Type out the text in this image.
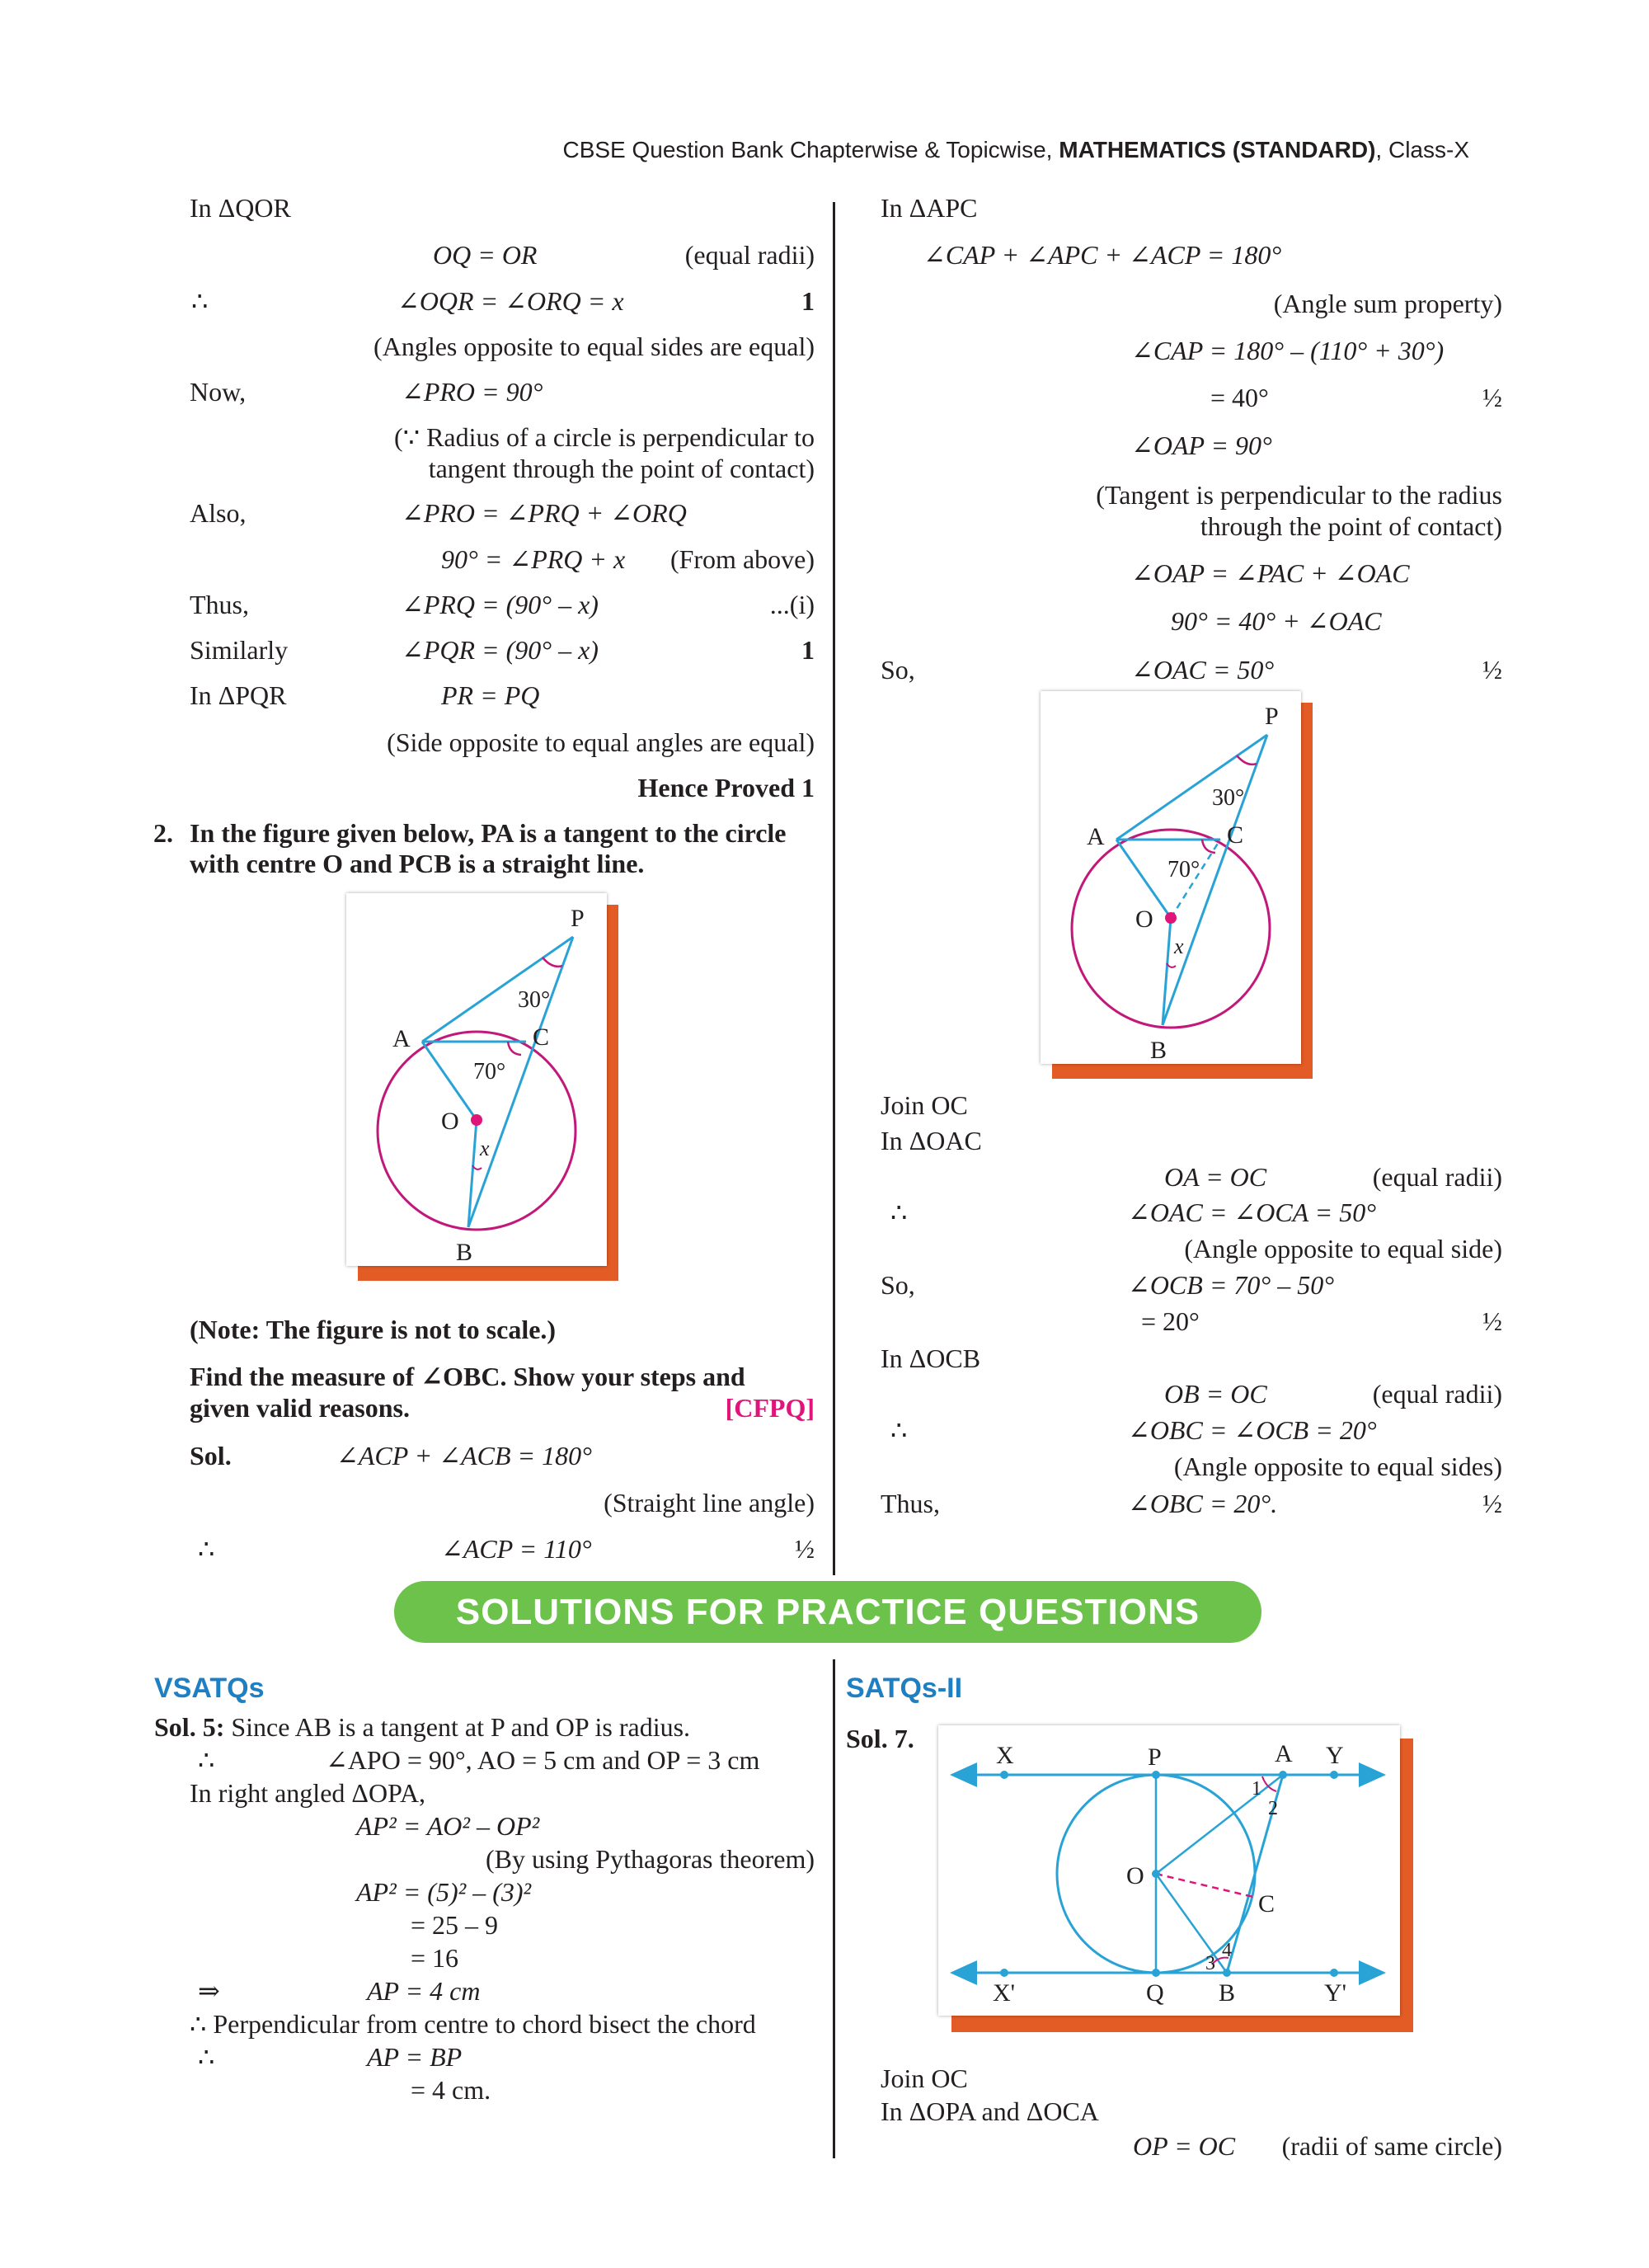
CBSE Question Bank Chapterwise & Topicwise, MATHEMATICS (STANDARD), Class-X
In ΔQOR
OQ = OR	(equal radii)
∴	∠OQR = ∠ORQ = x	1
(Angles opposite to equal sides are equal)
Now,	∠PRO = 90°
(∵ Radius of a circle is perpendicular to
tangent through the point of contact)
Also,	∠PRO = ∠PRQ + ∠ORQ
90° = ∠PRQ + x (From above)
Thus,	∠PRQ = (90° – x)	...(i)
Similarly	∠PQR = (90° – x)	1
In ΔPQR	PR = PQ
(Side opposite to equal angles are equal)
Hence Proved 1
2. In the figure given below, PA is a tangent to the circle
with centre O and PCB is a straight line.
P
A	C
O
B
x
30°
70°
(Note: The figure is not to scale.)
Find the measure of ∠OBC. Show your steps and
given valid reasons.	[CFPQ]
Sol.	∠ACP + ∠ACB = 180°
(Straight line angle)
∴	∠ACP = 110°	½
In ΔAPC
∠CAP + ∠APC + ∠ACP = 180°
(Angle sum property)
∠CAP = 180° – (110° + 30°)
= 40°	½
∠OAP = 90°
(Tangent is perpendicular to the radius
through the point of contact)
∠OAP = ∠PAC + ∠OAC
90° = 40° + ∠OAC
So,	∠OAC = 50°	½
P
A	C
O
B
x
30°
70°
Join OC
In ΔOAC
OA = OC	(equal radii)
∴	∠OAC = ∠OCA = 50°
(Angle opposite to equal side)
So,	∠OCB = 70° – 50°
= 20°	½
In ΔOCB
OB = OC	(equal radii)
∴	∠OBC = ∠OCB = 20°
(Angle opposite to equal sides)
Thus,	∠OBC = 20°.	½
SOLUTIONS FOR PRACTICE QUESTIONS
VSATQs
Sol. 5: Since AB is a tangent at P and OP is radius.
∴	∠APO = 90°, AO = 5 cm and OP = 3 cm
In right angled ΔOPA,
AP² = AO² – OP²
(By using Pythagoras theorem)
AP² = (5)² – (3)²
= 25 – 9
= 16
⇒	AP = 4 cm
∴ Perpendicular from centre to chord bisect the chord
∴	AP = BP
= 4 cm.
SATQs-II
Sol. 7.
X	P	A Y
O
C
X'	Q B	Y'
1
2
3
4
Join OC
In ΔOPA and ΔOCA
OP = OC (radii of same circle)
